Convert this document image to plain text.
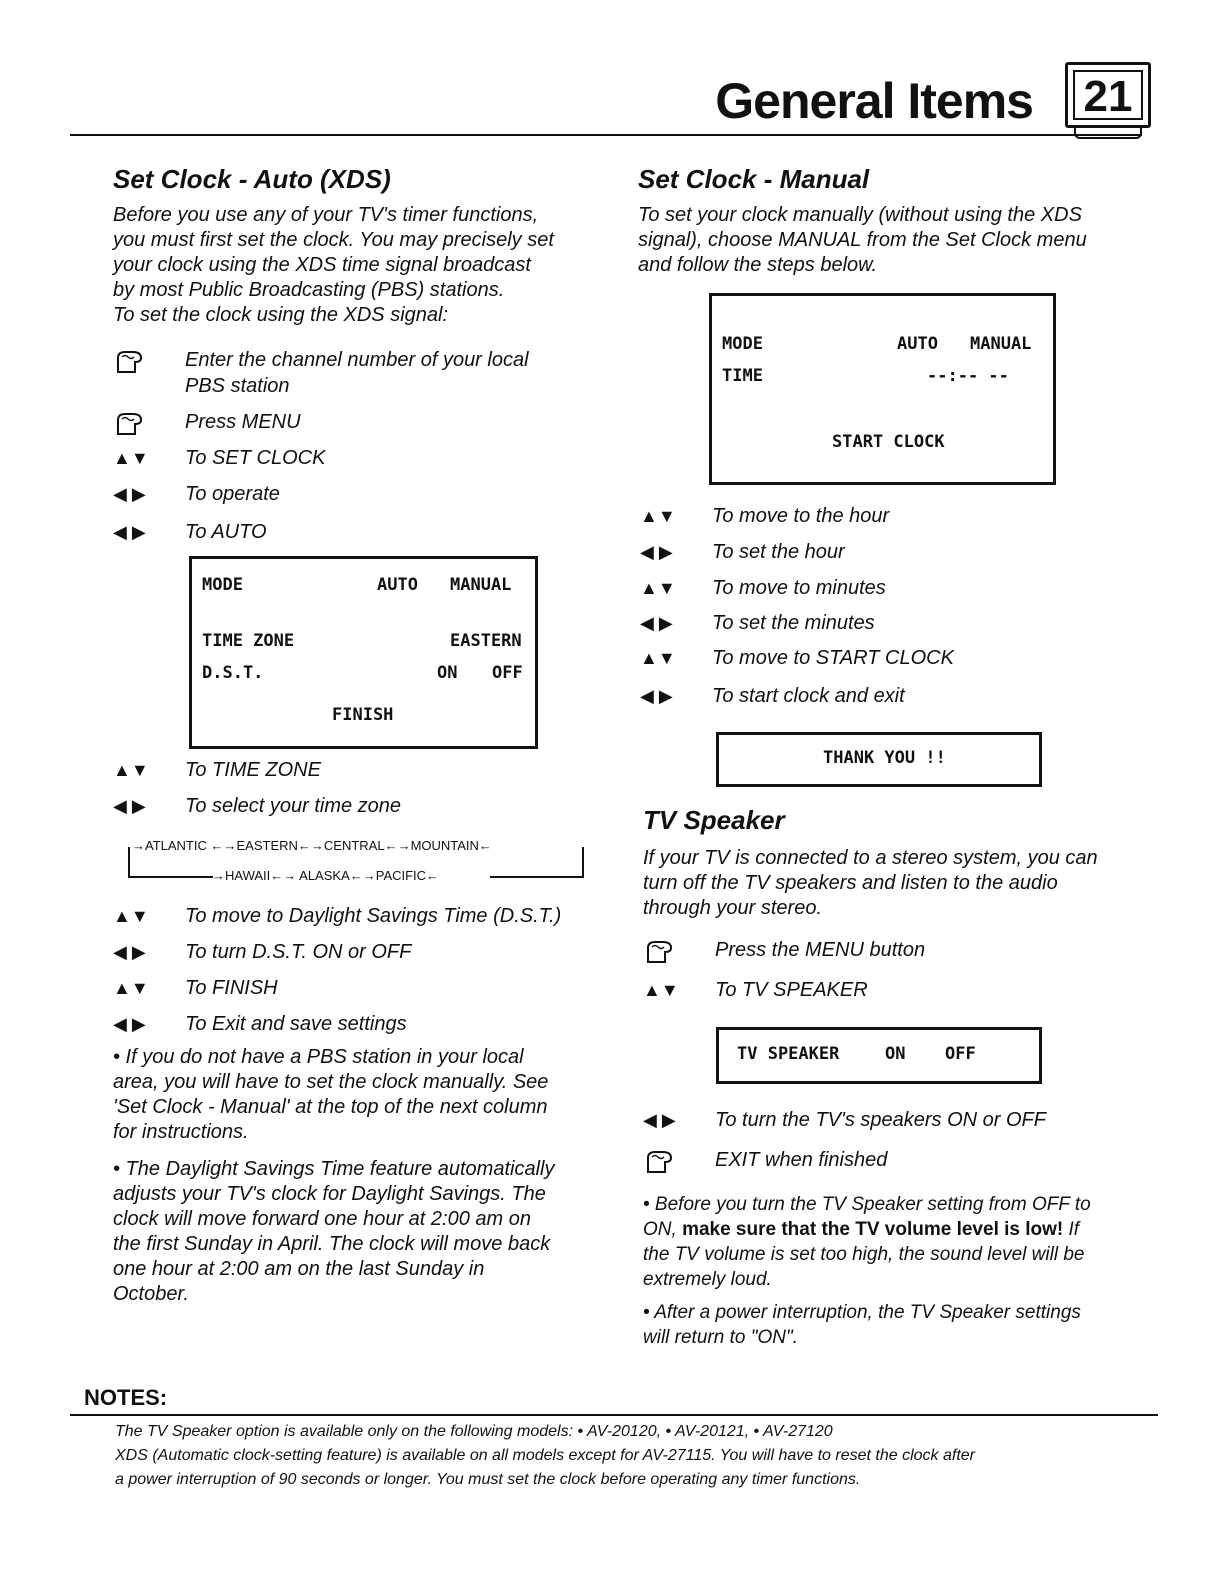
General Items 21
Set Clock - Auto (XDS)
Before you use any of your TV's timer functions,
you must first set the clock. You may precisely set
your clock using the XDS time signal broadcast
by most Public Broadcasting (PBS) stations.
To set the clock using the XDS signal:
Enter the channel number of your local
PBS station
Press MENU
▲▼	To SET CLOCK
◀ ▶	To operate
◀ ▶	To AUTO
MODE	AUTO MANUAL
TIME ZONE	EASTERN
D.S.T.	ON OFF
FINISH
▲▼	To TIME ZONE
◀ ▶	To select your time zone
→ATLANTIC ←→EASTERN←→CENTRAL←→MOUNTAIN←
→HAWAII←→ ALASKA←→PACIFIC←
▲▼	To move to Daylight Savings Time (D.S.T.)
◀ ▶	To turn D.S.T. ON or OFF
▲▼	To FINISH
◀ ▶	To Exit and save settings
• If you do not have a PBS station in your local
area, you will have to set the clock manually. See
'Set Clock - Manual' at the top of the next column
for instructions.
• The Daylight Savings Time feature automatically
adjusts your TV's clock for Daylight Savings. The
clock will move forward one hour at 2:00 am on
the first Sunday in April. The clock will move back
one hour at 2:00 am on the last Sunday in
October.
Set Clock - Manual
To set your clock manually (without using the XDS
signal), choose MANUAL from the Set Clock menu
and follow the steps below.
MODE	AUTO MANUAL
TIME	--:-- --
START CLOCK
▲▼	To move to the hour
◀ ▶	To set the hour
▲▼	To move to minutes
◀ ▶	To set the minutes
▲▼	To move to START CLOCK
◀ ▶	To start clock and exit
THANK YOU !!
TV Speaker
If your TV is connected to a stereo system, you can
turn off the TV speakers and listen to the audio
through your stereo.
Press the MENU button
▲▼	To TV SPEAKER
TV SPEAKER	ON OFF
◀ ▶	To turn the TV's speakers ON or OFF
EXIT when finished
• Before you turn the TV Speaker setting from OFF to
ON, make sure that the TV volume level is low! If
the TV volume is set too high, the sound level will be
extremely loud.
• After a power interruption, the TV Speaker settings
will return to "ON".
NOTES:
The TV Speaker option is available only on the following models: • AV-20120, • AV-20121, • AV-27120
XDS (Automatic clock-setting feature) is available on all models except for AV-27115. You will have to reset the clock after
a power interruption of 90 seconds or longer. You must set the clock before operating any timer functions.
